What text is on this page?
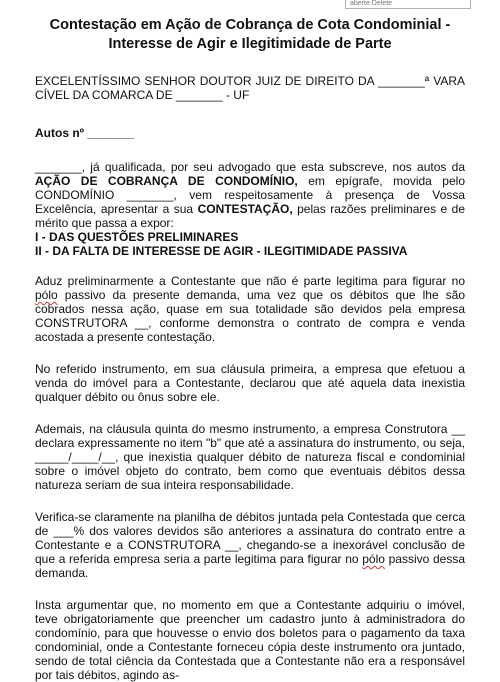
aberte Delete
Contestação em Ação de Cobrança de Cota Condominial -
Interesse de Agir e Ilegitimidade de Parte

EXCELENTÍSSIMO SENHOR DOUTOR JUIZ DE DIREITO DA _______ª VARA CÍVEL DA COMARCA DE _______ - UF

Autos nº _______

_______, já qualificada, por seu advogado que esta subscreve, nos autos da AÇÃO DE COBRANÇA DE CONDOMÍNIO, em epígrafe, movida pelo CONDOMÍNIO _______, vem respeitosamente à presença de Vossa Excelência, apresentar a sua CONTESTAÇÃO, pelas razões preliminares e de mérito que passa a expor:

I - DAS QUESTÕES PRELIMINARES

II - DA FALTA DE INTERESSE DE AGIR - ILEGITIMIDADE PASSIVA

Aduz preliminarmente a Contestante que não é parte legitima para figurar no pólo passivo da presente demanda, uma vez que os débitos que lhe são cobrados nessa ação, quase em sua totalidade são devidos pela empresa CONSTRUTORA __, conforme demonstra o contrato de compra e venda acostada a presente contestação.

No referido instrumento, em sua cláusula primeira, a empresa que efetuou a venda do imóvel para a Contestante, declarou que até aquela data inexistia qualquer débito ou ônus sobre ele.

Ademais, na cláusula quinta do mesmo instrumento, a empresa Construtora __ declara expressamente no item "b" que até a assinatura do instrumento, ou seja, _____/____/__, que inexistia qualquer débito de natureza fiscal e condominial sobre o imóvel objeto do contrato, bem como que eventuais débitos dessa natureza seriam de sua inteira responsabilidade.

Verifica-se claramente na planilha de débitos juntada pela Contestada que cerca de ___% dos valores devidos são anteriores a assinatura do contrato entre a Contestante e a CONSTRUTORA __, chegando-se a inexorável conclusão de que a referida empresa seria a parte legitima para figurar no pólo passivo dessa demanda.

Insta argumentar que, no momento em que a Contestante adquiriu o imóvel, teve obrigatoriamente que preencher um cadastro junto à administradora do condomínio, para que houvesse o envio dos boletos para o pagamento da taxa condominial, onde a Contestante forneceu cópia deste instrumento ora juntado, sendo de total ciência da Contestada que a Contestante não era a responsável por tais débitos, agindo as-
